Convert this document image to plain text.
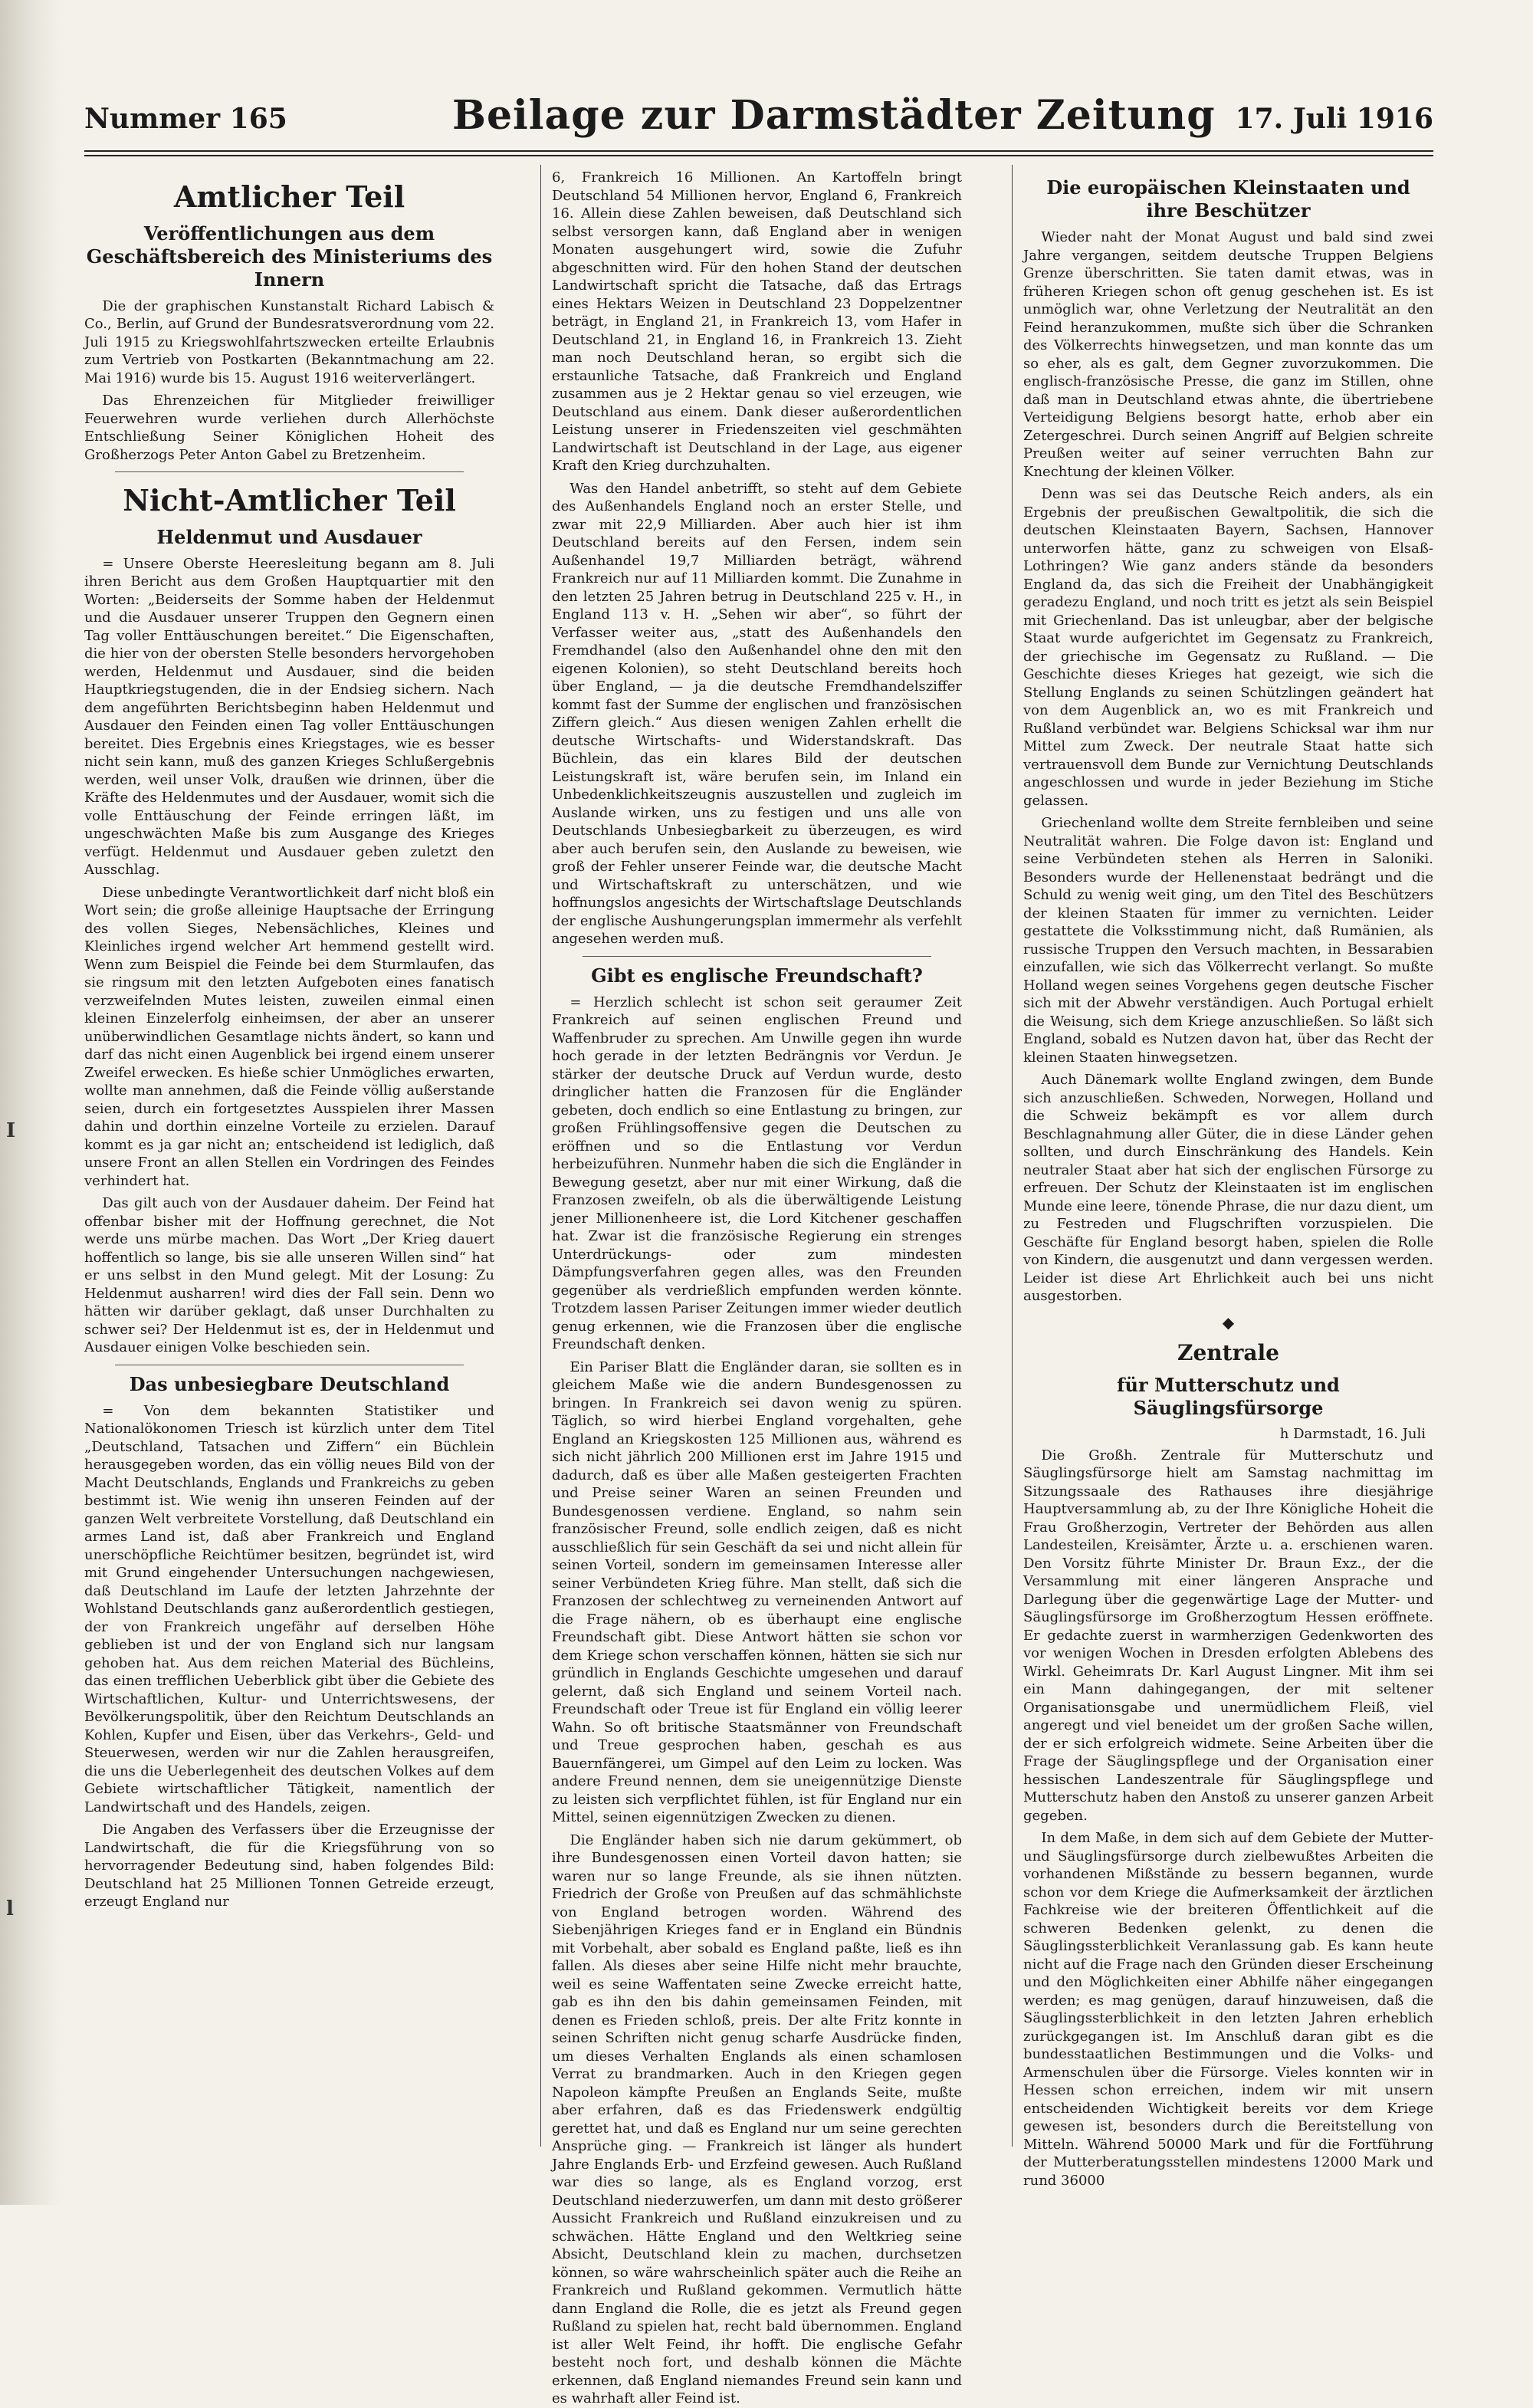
I
l
Nummer 165	Beilage zur Darmstädter Zeitung 17. Juli 1916
Amtlicher Teil
Veröffentlichungen aus dem Geschäftsbereich des Ministeriums des Innern

Die der graphischen Kunstanstalt Richard Labisch & Co., Berlin, auf Grund der Bundesratsverordnung vom 22. Juli 1915 zu Kriegswohlfahrtszwecken erteilte Erlaubnis zum Vertrieb von Postkarten (Bekanntmachung am 22. Mai 1916) wurde bis 15. August 1916 weiterverlängert.

Das Ehrenzeichen für Mitglieder freiwilliger Feuerwehren wurde verliehen durch Allerhöchste Entschließung Seiner Königlichen Hoheit des Großherzogs Peter Anton Gabel zu Bretzenheim.

Nicht-Amtlicher Teil
Heldenmut und Ausdauer

= Unsere Oberste Heeresleitung begann am 8. Juli ihren Bericht aus dem Großen Hauptquartier mit den Worten: „Beiderseits der Somme haben der Heldenmut und die Ausdauer unserer Truppen den Gegnern einen Tag voller Enttäuschungen bereitet.“ Die Eigenschaften, die hier von der obersten Stelle besonders hervorgehoben werden, Heldenmut und Ausdauer, sind die beiden Hauptkriegstugenden, die in der Endsieg sichern. Nach dem angeführten Berichtsbeginn haben Heldenmut und Ausdauer den Feinden einen Tag voller Enttäuschungen bereitet. Dies Ergebnis eines Kriegstages, wie es besser nicht sein kann, muß des ganzen Krieges Schlußergebnis werden, weil unser Volk, draußen wie drinnen, über die Kräfte des Heldenmutes und der Ausdauer, womit sich die volle Enttäuschung der Feinde erringen läßt, im ungeschwächten Maße bis zum Ausgange des Krieges verfügt. Heldenmut und Ausdauer geben zuletzt den Ausschlag.

Diese unbedingte Verantwortlichkeit darf nicht bloß ein Wort sein; die große alleinige Hauptsache der Erringung des vollen Sieges, Nebensächliches, Kleines und Kleinliches irgend welcher Art hemmend gestellt wird. Wenn zum Beispiel die Feinde bei dem Sturmlaufen, das sie ringsum mit den letzten Aufgeboten eines fanatisch verzweifelnden Mutes leisten, zuweilen einmal einen kleinen Einzelerfolg einheimsen, der aber an unserer unüberwindlichen Gesamtlage nichts ändert, so kann und darf das nicht einen Augenblick bei irgend einem unserer Zweifel erwecken. Es hieße schier Unmögliches erwarten, wollte man annehmen, daß die Feinde völlig außerstande seien, durch ein fortgesetztes Ausspielen ihrer Massen dahin und dorthin einzelne Vorteile zu erzielen. Darauf kommt es ja gar nicht an; entscheidend ist lediglich, daß unsere Front an allen Stellen ein Vordringen des Feindes verhindert hat.

Das gilt auch von der Ausdauer daheim. Der Feind hat offenbar bisher mit der Hoffnung gerechnet, die Not werde uns mürbe machen. Das Wort „Der Krieg dauert hoffentlich so lange, bis sie alle unseren Willen sind“ hat er uns selbst in den Mund gelegt. Mit der Losung: Zu Heldenmut ausharren! wird dies der Fall sein. Denn wo hätten wir darüber geklagt, daß unser Durchhalten zu schwer sei? Der Heldenmut ist es, der in Heldenmut und Ausdauer einigen Volke beschieden sein.

Das unbesiegbare Deutschland

= Von dem bekannten Statistiker und Nationalökonomen Triesch ist kürzlich unter dem Titel „Deutschland, Tatsachen und Ziffern“ ein Büchlein herausgegeben worden, das ein völlig neues Bild von der Macht Deutschlands, Englands und Frankreichs zu geben bestimmt ist. Wie wenig ihn unseren Feinden auf der ganzen Welt verbreitete Vorstellung, daß Deutschland ein armes Land ist, daß aber Frankreich und England unerschöpfliche Reichtümer besitzen, begründet ist, wird mit Grund eingehender Untersuchungen nachgewiesen, daß Deutschland im Laufe der letzten Jahrzehnte der Wohlstand Deutschlands ganz außerordentlich gestiegen, der von Frankreich ungefähr auf derselben Höhe geblieben ist und der von England sich nur langsam gehoben hat. Aus dem reichen Material des Büchleins, das einen trefflichen Ueberblick gibt über die Gebiete des Wirtschaftlichen, Kultur- und Unterrichtswesens, der Bevölkerungspolitik, über den Reichtum Deutschlands an Kohlen, Kupfer und Eisen, über das Verkehrs-, Geld- und Steuerwesen, werden wir nur die Zahlen herausgreifen, die uns die Ueberlegenheit des deutschen Volkes auf dem Gebiete wirtschaftlicher Tätigkeit, namentlich der Landwirtschaft und des Handels, zeigen.

Die Angaben des Verfassers über die Erzeugnisse der Landwirtschaft, die für die Kriegsführung von so hervorragender Bedeutung sind, haben folgendes Bild: Deutschland hat 25 Millionen Tonnen Getreide erzeugt, erzeugt England nur

6, Frankreich 16 Millionen. An Kartoffeln bringt Deutschland 54 Millionen hervor, England 6, Frankreich 16. Allein diese Zahlen beweisen, daß Deutschland sich selbst versorgen kann, daß England aber in wenigen Monaten ausgehungert wird, sowie die Zufuhr abgeschnitten wird. Für den hohen Stand der deutschen Landwirtschaft spricht die Tatsache, daß das Ertrags eines Hektars Weizen in Deutschland 23 Doppelzentner beträgt, in England 21, in Frankreich 13, vom Hafer in Deutschland 21, in England 16, in Frankreich 13. Zieht man noch Deutschland heran, so ergibt sich die erstaunliche Tatsache, daß Frankreich und England zusammen aus je 2 Hektar genau so viel erzeugen, wie Deutschland aus einem. Dank dieser außerordentlichen Leistung unserer in Friedenszeiten viel geschmähten Landwirtschaft ist Deutschland in der Lage, aus eigener Kraft den Krieg durchzuhalten.

Was den Handel anbetrifft, so steht auf dem Gebiete des Außenhandels England noch an erster Stelle, und zwar mit 22,9 Milliarden. Aber auch hier ist ihm Deutschland bereits auf den Fersen, indem sein Außenhandel 19,7 Milliarden beträgt, während Frankreich nur auf 11 Milliarden kommt. Die Zunahme in den letzten 25 Jahren betrug in Deutschland 225 v. H., in England 113 v. H. „Sehen wir aber“, so führt der Verfasser weiter aus, „statt des Außenhandels den Fremdhandel (also den Außenhandel ohne den mit den eigenen Kolonien), so steht Deutschland bereits hoch über England, — ja die deutsche Fremdhandelsziffer kommt fast der Summe der englischen und französischen Ziffern gleich.“ Aus diesen wenigen Zahlen erhellt die deutsche Wirtschafts- und Widerstandskraft. Das Büchlein, das ein klares Bild der deutschen Leistungskraft ist, wäre berufen sein, im Inland ein Unbedenklichkeitszeugnis auszustellen und zugleich im Auslande wirken, uns zu festigen und uns alle von Deutschlands Unbesiegbarkeit zu überzeugen, es wird aber auch berufen sein, den Auslande zu beweisen, wie groß der Fehler unserer Feinde war, die deutsche Macht und Wirtschaftskraft zu unterschätzen, und wie hoffnungslos angesichts der Wirtschaftslage Deutschlands der englische Aushungerungsplan immermehr als verfehlt angesehen werden muß.

Gibt es englische Freundschaft?

= Herzlich schlecht ist schon seit geraumer Zeit Frankreich auf seinen englischen Freund und Waffenbruder zu sprechen. Am Unwille gegen ihn wurde hoch gerade in der letzten Bedrängnis vor Verdun. Je stärker der deutsche Druck auf Verdun wurde, desto dringlicher hatten die Franzosen für die Engländer gebeten, doch endlich so eine Entlastung zu bringen, zur großen Frühlingsoffensive gegen die Deutschen zu eröffnen und so die Entlastung vor Verdun herbeizuführen. Nunmehr haben die sich die Engländer in Bewegung gesetzt, aber nur mit einer Wirkung, daß die Franzosen zweifeln, ob als die überwältigende Leistung jener Millionenheere ist, die Lord Kitchener geschaffen hat. Zwar ist die französische Regierung ein strenges Unterdrückungs- oder zum mindesten Dämpfungsverfahren gegen alles, was den Freunden gegenüber als verdrießlich empfunden werden könnte. Trotzdem lassen Pariser Zeitungen immer wieder deutlich genug erkennen, wie die Franzosen über die englische Freundschaft denken.

Ein Pariser Blatt die Engländer daran, sie sollten es in gleichem Maße wie die andern Bundesgenossen zu bringen. In Frankreich sei davon wenig zu spüren. Täglich, so wird hierbei England vorgehalten, gehe England an Kriegskosten 125 Millionen aus, während es sich nicht jährlich 200 Millionen erst im Jahre 1915 und dadurch, daß es über alle Maßen gesteigerten Frachten und Preise seiner Waren an seinen Freunden und Bundesgenossen verdiene. England, so nahm sein französischer Freund, solle endlich zeigen, daß es nicht ausschließlich für sein Geschäft da sei und nicht allein für seinen Vorteil, sondern im gemeinsamen Interesse aller seiner Verbündeten Krieg führe. Man stellt, daß sich die Franzosen der schlechtweg zu verneinenden Antwort auf die Frage nähern, ob es überhaupt eine englische Freundschaft gibt. Diese Antwort hätten sie schon vor dem Kriege schon verschaffen können, hätten sie sich nur gründlich in Englands Geschichte umgesehen und darauf gelernt, daß sich England und seinem Vorteil nach. Freundschaft oder Treue ist für England ein völlig leerer Wahn. So oft britische Staatsmänner von Freundschaft und Treue gesprochen haben, geschah es aus Bauernfängerei, um Gimpel auf den Leim zu locken. Was andere Freund nennen, dem sie uneigennützige Dienste zu leisten sich verpflichtet fühlen, ist für England nur ein Mittel, seinen eigennützigen Zwecken zu dienen.

Die Engländer haben sich nie darum gekümmert, ob ihre Bundesgenossen einen Vorteil davon hatten; sie waren nur so lange Freunde, als sie ihnen nützten. Friedrich der Große von Preußen auf das schmählichste von England betrogen worden. Während des Siebenjährigen Krieges fand er in England ein Bündnis mit Vorbehalt, aber sobald es England paßte, ließ es ihn fallen. Als dieses aber seine Hilfe nicht mehr brauchte, weil es seine Waffentaten seine Zwecke erreicht hatte, gab es ihn den bis dahin gemeinsamen Feinden, mit denen es Frieden schloß, preis. Der alte Fritz konnte in seinen Schriften nicht genug scharfe Ausdrücke finden, um dieses Verhalten Englands als einen schamlosen Verrat zu brandmarken. Auch in den Kriegen gegen Napoleon kämpfte Preußen an Englands Seite, mußte aber erfahren, daß es das Friedenswerk endgültig gerettet hat, und daß es England nur um seine gerechten Ansprüche ging. — Frankreich ist länger als hundert Jahre Englands Erb- und Erzfeind gewesen. Auch Rußland war dies so lange, als es England vorzog, erst Deutschland niederzuwerfen, um dann mit desto größerer Aussicht Frankreich und Rußland einzukreisen und zu schwächen. Hätte England und den Weltkrieg seine Absicht, Deutschland klein zu machen, durchsetzen können, so wäre wahrscheinlich später auch die Reihe an Frankreich und Rußland gekommen. Vermutlich hätte dann England die Rolle, die es jetzt als Freund gegen Rußland zu spielen hat, recht bald übernommen. England ist aller Welt Feind, ihr hofft. Die englische Gefahr besteht noch fort, und deshalb können die Mächte erkennen, daß England niemandes Freund sein kann und es wahrhaft aller Feind ist.

Die europäischen Kleinstaaten und ihre Beschützer

Wieder naht der Monat August und bald sind zwei Jahre vergangen, seitdem deutsche Truppen Belgiens Grenze überschritten. Sie taten damit etwas, was in früheren Kriegen schon oft genug geschehen ist. Es ist unmöglich war, ohne Verletzung der Neutralität an den Feind heranzukommen, mußte sich über die Schranken des Völkerrechts hinwegsetzen, und man konnte das um so eher, als es galt, dem Gegner zuvorzukommen. Die englisch-französische Presse, die ganz im Stillen, ohne daß man in Deutschland etwas ahnte, die übertriebene Verteidigung Belgiens besorgt hatte, erhob aber ein Zetergeschrei. Durch seinen Angriff auf Belgien schreite Preußen weiter auf seiner verruchten Bahn zur Knechtung der kleinen Völker.

Denn was sei das Deutsche Reich anders, als ein Ergebnis der preußischen Gewaltpolitik, die sich die deutschen Kleinstaaten Bayern, Sachsen, Hannover unterworfen hätte, ganz zu schweigen von Elsaß-Lothringen? Wie ganz anders stände da besonders England da, das sich die Freiheit der Unabhängigkeit geradezu England, und noch tritt es jetzt als sein Beispiel mit Griechenland. Das ist unleugbar, aber der belgische Staat wurde aufgerichtet im Gegensatz zu Frankreich, der griechische im Gegensatz zu Rußland. — Die Geschichte dieses Krieges hat gezeigt, wie sich die Stellung Englands zu seinen Schützlingen geändert hat von dem Augenblick an, wo es mit Frankreich und Rußland verbündet war. Belgiens Schicksal war ihm nur Mittel zum Zweck. Der neutrale Staat hatte sich vertrauensvoll dem Bunde zur Vernichtung Deutschlands angeschlossen und wurde in jeder Beziehung im Stiche gelassen.

Griechenland wollte dem Streite fernbleiben und seine Neutralität wahren. Die Folge davon ist: England und seine Verbündeten stehen als Herren in Saloniki. Besonders wurde der Hellenenstaat bedrängt und die Schuld zu wenig weit ging, um den Titel des Beschützers der kleinen Staaten für immer zu vernichten. Leider gestattete die Volksstimmung nicht, daß Rumänien, als russische Truppen den Versuch machten, in Bessarabien einzufallen, wie sich das Völkerrecht verlangt. So mußte Holland wegen seines Vorgehens gegen deutsche Fischer sich mit der Abwehr verständigen. Auch Portugal erhielt die Weisung, sich dem Kriege anzuschließen. So läßt sich England, sobald es Nutzen davon hat, über das Recht der kleinen Staaten hinwegsetzen.

Auch Dänemark wollte England zwingen, dem Bunde sich anzuschließen. Schweden, Norwegen, Holland und die Schweiz bekämpft es vor allem durch Beschlagnahmung aller Güter, die in diese Länder gehen sollten, und durch Einschränkung des Handels. Kein neutraler Staat aber hat sich der englischen Fürsorge zu erfreuen. Der Schutz der Kleinstaaten ist im englischen Munde eine leere, tönende Phrase, die nur dazu dient, um zu Festreden und Flugschriften vorzuspielen. Die Geschäfte für England besorgt haben, spielen die Rolle von Kindern, die ausgenutzt und dann vergessen werden. Leider ist diese Art Ehrlichkeit auch bei uns nicht ausgestorben.

◆
Zentrale
für Mutterschutz und Säuglingsfürsorge
h Darmstadt, 16. Juli

Die Großh. Zentrale für Mutterschutz und Säuglingsfürsorge hielt am Samstag nachmittag im Sitzungssaale des Rathauses ihre diesjährige Hauptversammlung ab, zu der Ihre Königliche Hoheit die Frau Großherzogin, Vertreter der Behörden aus allen Landesteilen, Kreisämter, Ärzte u. a. erschienen waren. Den Vorsitz führte Minister Dr. Braun Exz., der die Versammlung mit einer längeren Ansprache und Darlegung über die gegenwärtige Lage der Mutter- und Säuglingsfürsorge im Großherzogtum Hessen eröffnete. Er gedachte zuerst in warmherzigen Gedenkworten des vor wenigen Wochen in Dresden erfolgten Ablebens des Wirkl. Geheimrats Dr. Karl August Lingner. Mit ihm sei ein Mann dahingegangen, der mit seltener Organisationsgabe und unermüdlichem Fleiß, viel angeregt und viel beneidet um der großen Sache willen, der er sich erfolgreich widmete. Seine Arbeiten über die Frage der Säuglingspflege und der Organisation einer hessischen Landeszentrale für Säuglingspflege und Mutterschutz haben den Anstoß zu unserer ganzen Arbeit gegeben.

In dem Maße, in dem sich auf dem Gebiete der Mutter- und Säuglingsfürsorge durch zielbewußtes Arbeiten die vorhandenen Mißstände zu bessern begannen, wurde schon vor dem Kriege die Aufmerksamkeit der ärztlichen Fachkreise wie der breiteren Öffentlichkeit auf die schweren Bedenken gelenkt, zu denen die Säuglingssterblichkeit Veranlassung gab. Es kann heute nicht auf die Frage nach den Gründen dieser Erscheinung und den Möglichkeiten einer Abhilfe näher eingegangen werden; es mag genügen, darauf hinzuweisen, daß die Säuglingssterblichkeit in den letzten Jahren erheblich zurückgegangen ist. Im Anschluß daran gibt es die bundesstaatlichen Bestimmungen und die Volks- und Armenschulen über die Fürsorge. Vieles konnten wir in Hessen schon erreichen, indem wir mit unsern entscheidenden Wichtigkeit bereits vor dem Kriege gewesen ist, besonders durch die Bereitstellung von Mitteln. Während 50000 Mark und für die Fortführung der Mutterberatungsstellen mindestens 12000 Mark und rund 36000
